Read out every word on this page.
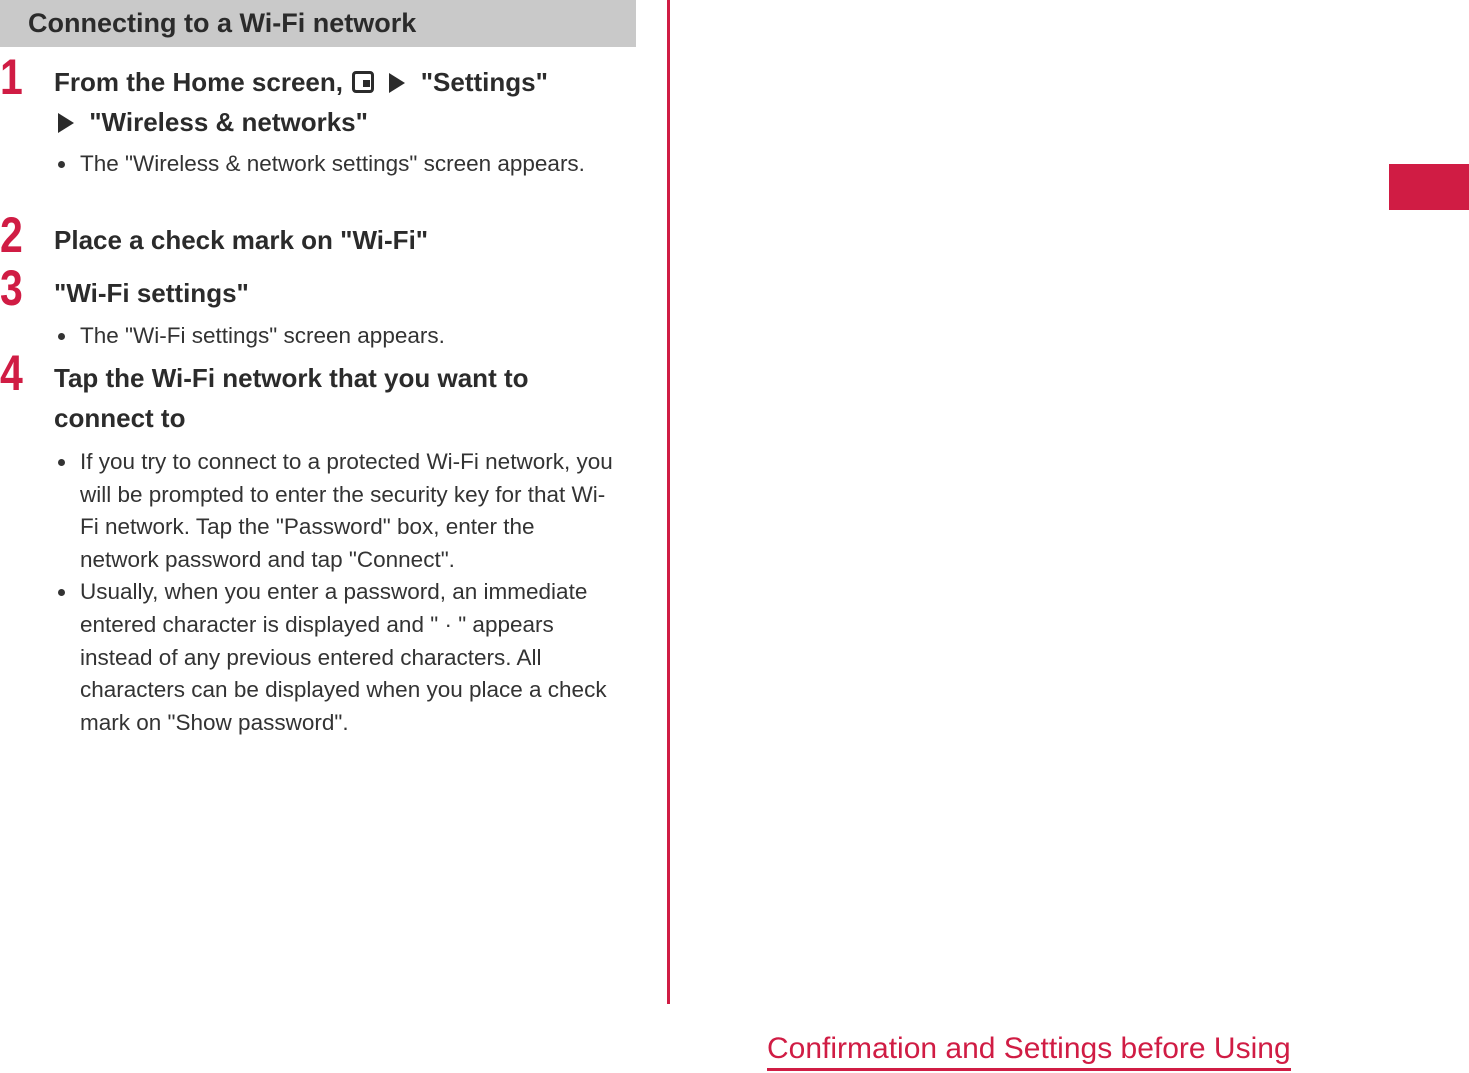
Connecting to a Wi-Fi network
1 From the Home screen,	"Settings"
"Wireless & networks"
The "Wireless & network settings" screen appears.
2 Place a check mark on "Wi-Fi"
3 "Wi-Fi settings"
The "Wi-Fi settings" screen appears.
4 Tap the Wi-Fi network that you want to connect to
If you try to connect to a protected Wi-Fi network, you will be prompted to enter the security key for that Wi-Fi network. Tap the "Password" box, enter the network password and tap "Connect".
Usually, when you enter a password, an immediate entered character is displayed and " · " appears instead of any previous entered characters. All characters can be displayed when you place a check mark on "Show password".
Confirmation and Settings before Using
